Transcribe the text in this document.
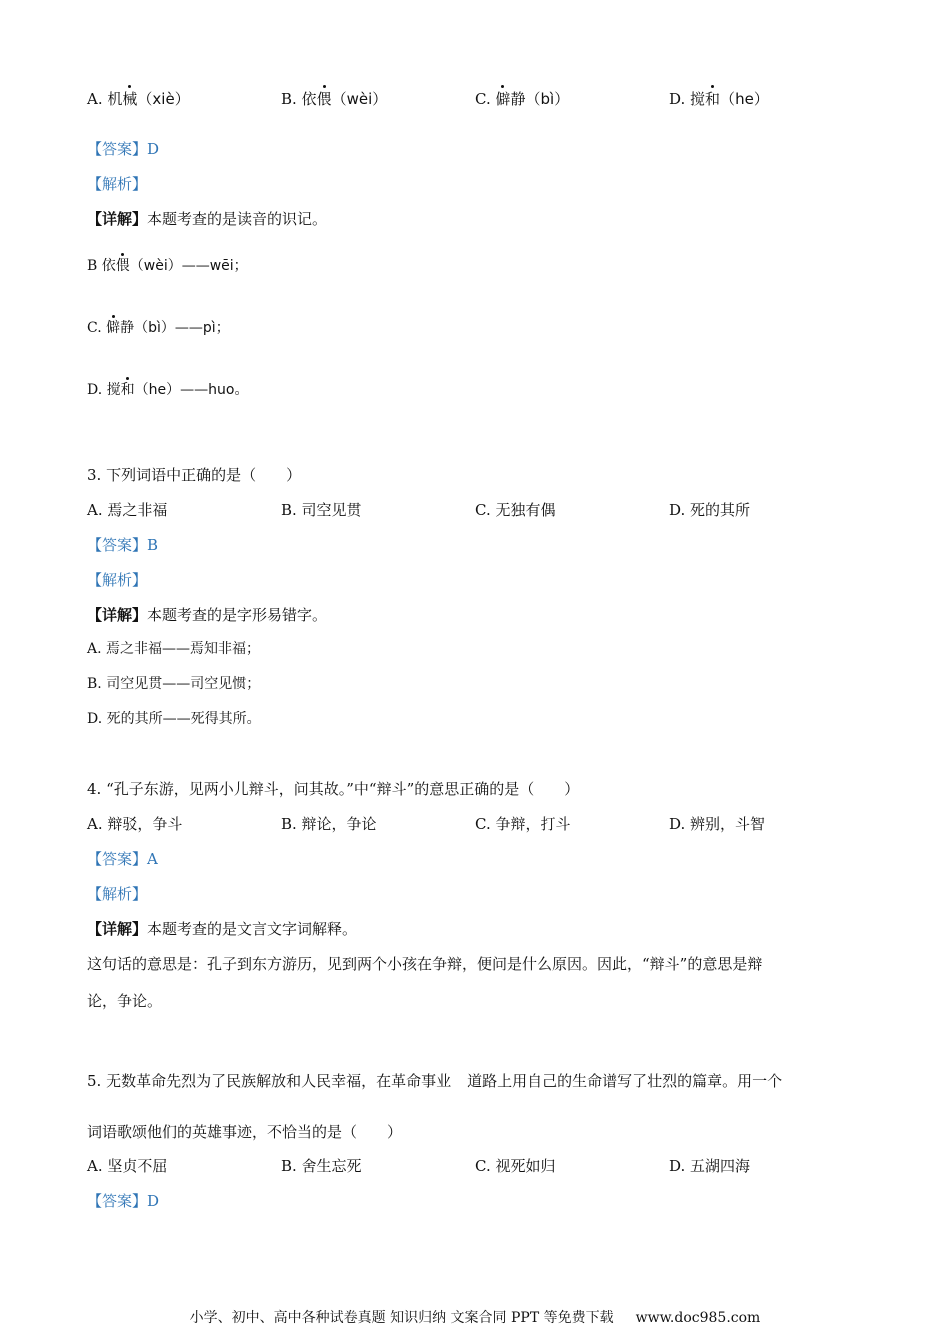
A. 机械（xiè）	B. 依偎（wèi）	C. 僻静（bì）	D. 搅和（he）
【答案】D
【解析】
【详解】本题考查的是读音的识记。
B 依偎（wèi）——wēi；
C. 僻静（bì）——pì；
D. 搅和（he）——huo。
3. 下列词语中正确的是（　　）
A. 焉之非福	B. 司空见贯	C. 无独有偶	D. 死的其所
【答案】B
【解析】
【详解】本题考查的是字形易错字。
A. 焉之非福——焉知非福；
B. 司空见贯——司空见惯；
D. 死的其所——死得其所。
4. “孔子东游，见两小儿辩斗，问其故。”中“辩斗”的意思正确的是（　　）
A. 辩驳，争斗	B. 辩论，争论	C. 争辩，打斗	D. 辨别，斗智
【答案】A
【解析】
【详解】本题考查的是文言文字词解释。
这句话的意思是：孔子到东方游历，见到两个小孩在争辩，便问是什么原因。因此，“辩斗”的意思是辩
论，争论。
5. 无数革命先烈为了民族解放和人民幸福，在革命事业 道路上用自己的生命谱写了壮烈的篇章。用一个
词语歌颂他们的英雄事迹，不恰当的是（　　）
A. 坚贞不屈	B. 舍生忘死	C. 视死如归	D. 五湖四海
【答案】D
小学、初中、高中各种试卷真题 知识归纳 文案合同 PPT 等免费下载 www.doc985.com
